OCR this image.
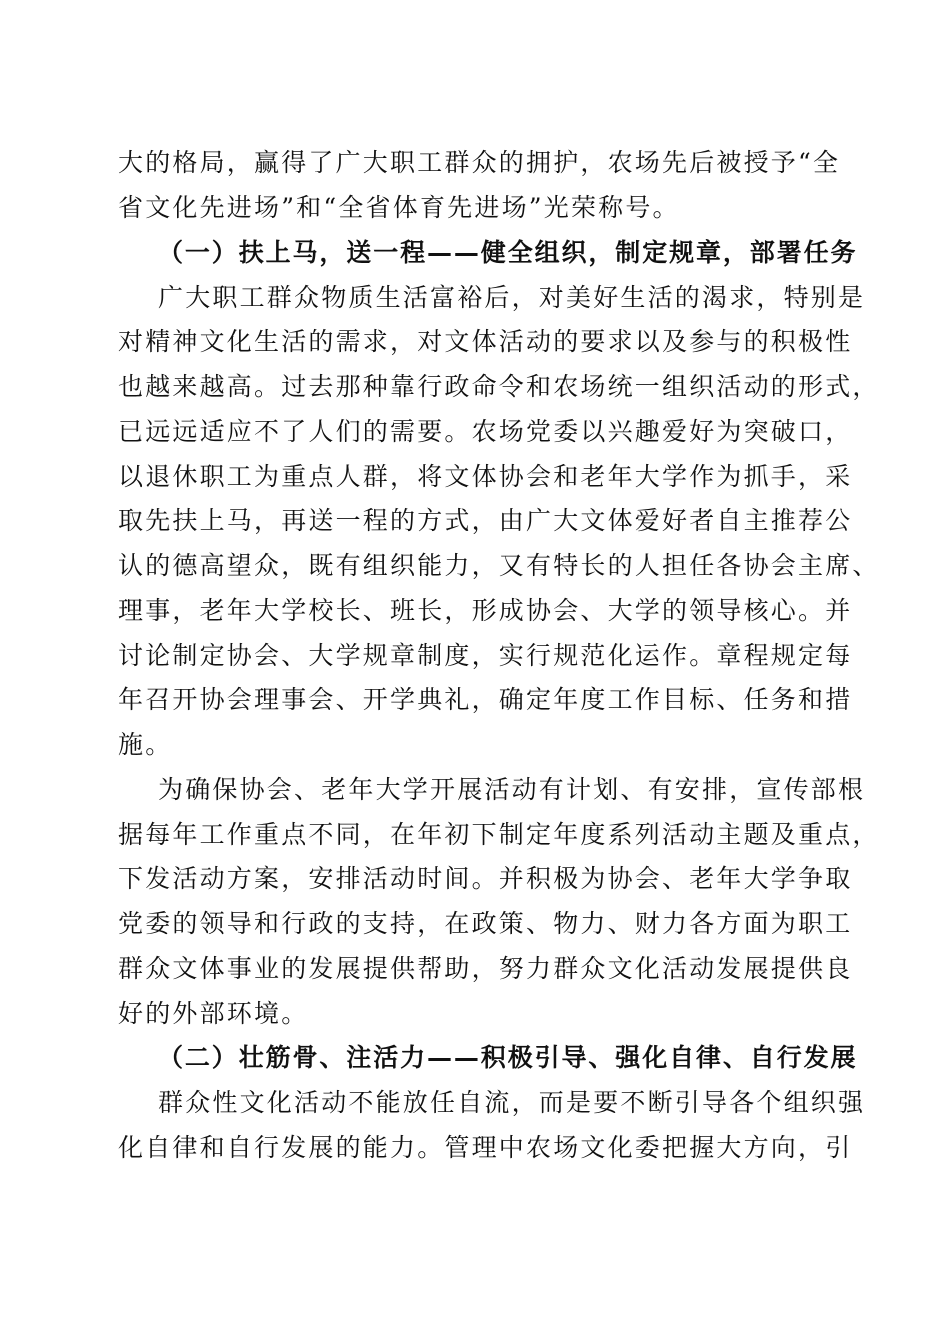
大的格局，赢得了广大职工群众的拥护，农场先后被授予“全
省文化先进场”和“全省体育先进场”光荣称号。
（一）扶上马，送一程——健全组织，制定规章，部署任务
广大职工群众物质生活富裕后，对美好生活的渴求，特别是
对精神文化生活的需求，对文体活动的要求以及参与的积极性
也越来越高。过去那种靠行政命令和农场统一组织活动的形式，
已远远适应不了人们的需要。农场党委以兴趣爱好为突破口，
以退休职工为重点人群，将文体协会和老年大学作为抓手，采
取先扶上马，再送一程的方式，由广大文体爱好者自主推荐公
认的德高望众，既有组织能力，又有特长的人担任各协会主席、
理事，老年大学校长、班长，形成协会、大学的领导核心。并
讨论制定协会、大学规章制度，实行规范化运作。章程规定每
年召开协会理事会、开学典礼，确定年度工作目标、任务和措
施。
为确保协会、老年大学开展活动有计划、有安排，宣传部根
据每年工作重点不同，在年初下制定年度系列活动主题及重点，
下发活动方案，安排活动时间。并积极为协会、老年大学争取
党委的领导和行政的支持，在政策、物力、财力各方面为职工
群众文体事业的发展提供帮助，努力群众文化活动发展提供良
好的外部环境。
（二）壮筋骨、注活力——积极引导、强化自律、自行发展
群众性文化活动不能放任自流，而是要不断引导各个组织强
化自律和自行发展的能力。管理中农场文化委把握大方向，引
